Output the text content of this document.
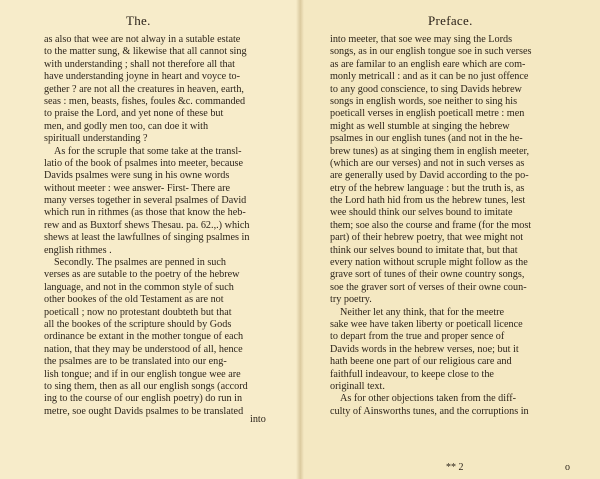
The.
as also that wee are not alway in a sutable estate
to the matter sung, & likewise that all cannot sing
with understanding ; shall not therefore all that
have understanding joyne in heart and voyce to-
gether ? are not all the creatures in heaven, earth,
seas : men, beasts, fishes, foules &c. commanded
to praise the Lord, and yet none of these but
men, and godly men too, can doe it with
spirituall understanding ?
As for the scruple that some take at the transl-
latio of the book of psalmes into meeter, because
Davids psalmes were sung in his owne words
without meeter : wee answer- First- There are
many verses together in several psalmes of David
which run in rithmes (as those that know the heb-
rew and as Buxtorf shews Thesau. pa. 62.,.) which
shews at least the lawfullnes of singing psalmes in
english rithmes .
Secondly. The psalmes are penned in such
verses as are sutable to the poetry of the hebrew
language, and not in the common style of such
other bookes of the old Testament as are not
poeticall ; now no protestant doubteth but that
all the bookes of the scripture should by Gods
ordinance be extant in the mother tongue of each
nation, that they may be understood of all, hence
the psalmes are to be translated into our eng-
lish tongue; and if in our english tongue wee are
to sing them, then as all our english songs (accord
ing to the course of our english poetry) do run in
metre, soe ought Davids psalmes to be translated
into
Preface.
into meeter, that soe wee may sing the Lords
songs, as in our english tongue soe in such verses
as are familar to an english eare which are com-
monly metricall : and as it can be no just offence
to any good conscience, to sing Davids hebrew
songs in english words, soe neither to sing his
poeticall verses in english poeticall metre : men
might as well stumble at singing the hebrew
psalmes in our english tunes (and not in the he-
brew tunes) as at singing them in english meeter,
(which are our verses) and not in such verses as
are generally used by David according to the po-
etry of the hebrew language : but the truth is, as
the Lord hath hid from us the hebrew tunes, lest
wee should think our selves bound to imitate
them; soe also the course and frame (for the most
part) of their hebrew poetry, that wee might not
think our selves bound to imitate that, but that
every nation without scruple might follow as the
grave sort of tunes of their owne country songs,
soe the graver sort of verses of their owne coun-
try poetry.
Neither let any think, that for the meetre
sake wee have taken liberty or poeticall licence
to depart from the true and proper sence of
Davids words in the hebrew verses, noe; but it
hath beene one part of our religious care and
faithfull indeavour, to keepe close to the
originall text.
As for other objections taken from the diff-
culty of Ainsworths tunes, and the corruptions in
** 2	o
